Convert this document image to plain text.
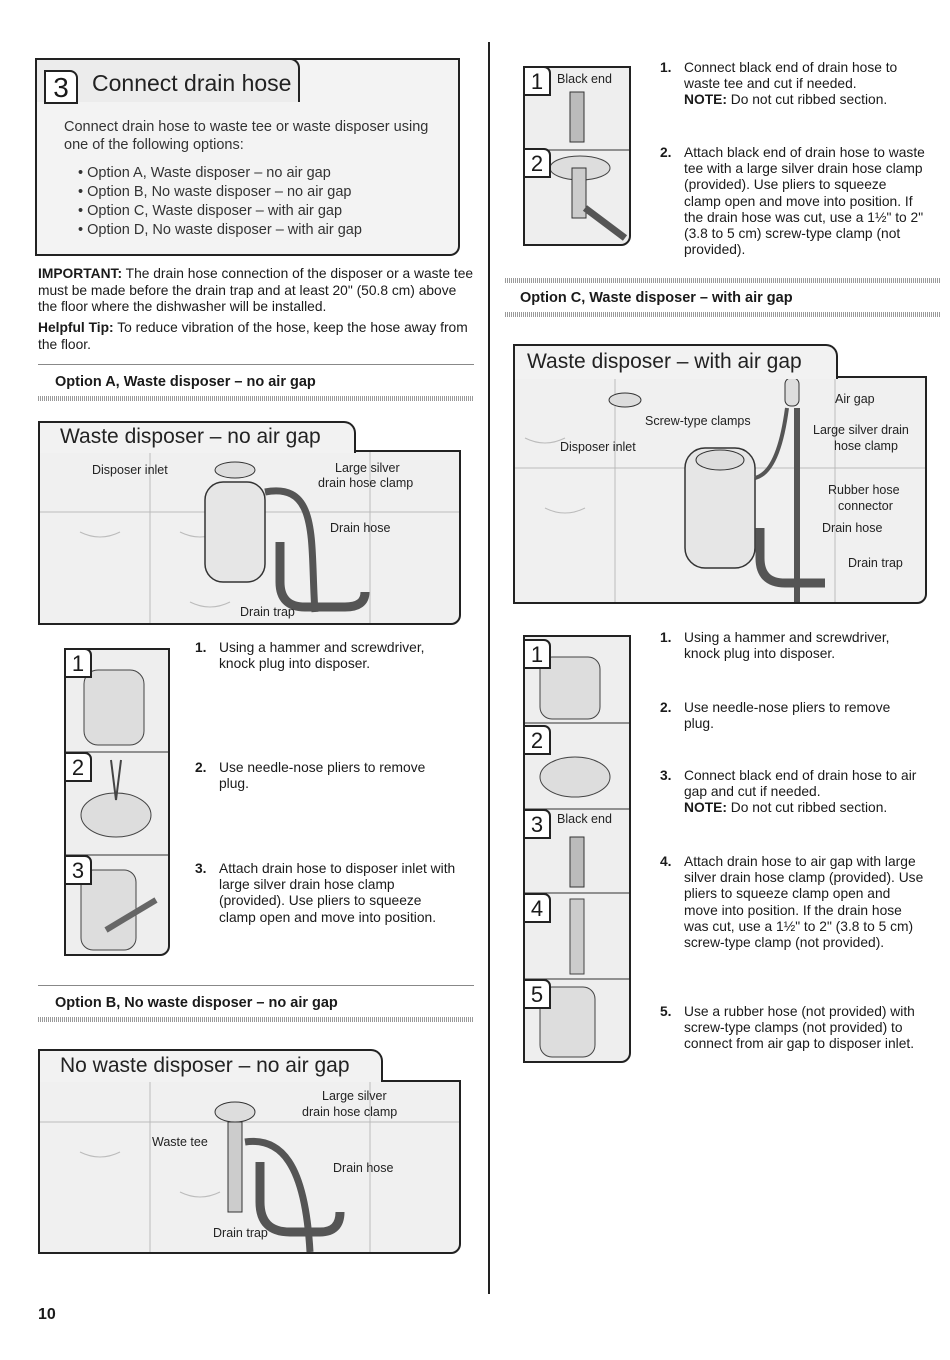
3	Connect drain hose
Connect drain hose to waste tee or waste disposer using one of the following options:
• Option A, Waste disposer – no air gap
• Option B, No waste disposer – no air gap
• Option C, Waste disposer – with air gap
• Option D, No waste disposer – with air gap
IMPORTANT: The drain hose connection of the disposer or a waste tee must be made before the drain trap and at least 20" (50.8 cm) above the floor where the dishwasher will be installed.
Helpful Tip: To reduce vibration of the hose, keep the hose away from the floor.
Option A, Waste disposer – no air gap
Waste disposer – no air gap
Disposer inlet	Large silver
drain hose clamp
Drain hose
Drain trap
1
2
3
1. Using a hammer and screwdriver, knock plug into disposer.
2. Use needle-nose pliers to remove plug.
3. Attach drain hose to disposer inlet with large silver drain hose clamp (provided). Use pliers to squeeze clamp open and move into position.
Option B, No waste disposer – no air gap
No waste disposer – no air gap
Large silver
drain hose clamp
Waste tee
Drain hose
Drain trap
1
2
Black end
1. Connect black end of drain hose to waste tee and cut if needed.
NOTE: Do not cut ribbed section.
2. Attach black end of drain hose to waste tee with a large silver drain hose clamp (provided). Use pliers to squeeze clamp open and move into position. If the drain hose was cut, use a 1½" to 2" (3.8 to 5 cm) screw-type clamp (not provided).
Option C, Waste disposer – with air gap
Waste disposer – with air gap
Air gap
Screw-type clamps
Large silver drain
hose clamp
Disposer inlet
Rubber hose
connector
Drain hose
Drain trap
1
2
3
4
5
Black end
1. Using a hammer and screwdriver, knock plug into disposer.
2. Use needle-nose pliers to remove plug.
3. Connect black end of drain hose to air gap and cut if needed.
NOTE: Do not cut ribbed section.
4. Attach drain hose to air gap with large silver drain hose clamp (provided). Use pliers to squeeze clamp open and move into position. If the drain hose was cut, use a 1½" to 2" (3.8 to 5 cm) screw-type clamp (not provided).
5. Use a rubber hose (not provided) with screw-type clamps (not provided) to connect from air gap to disposer inlet.
10
